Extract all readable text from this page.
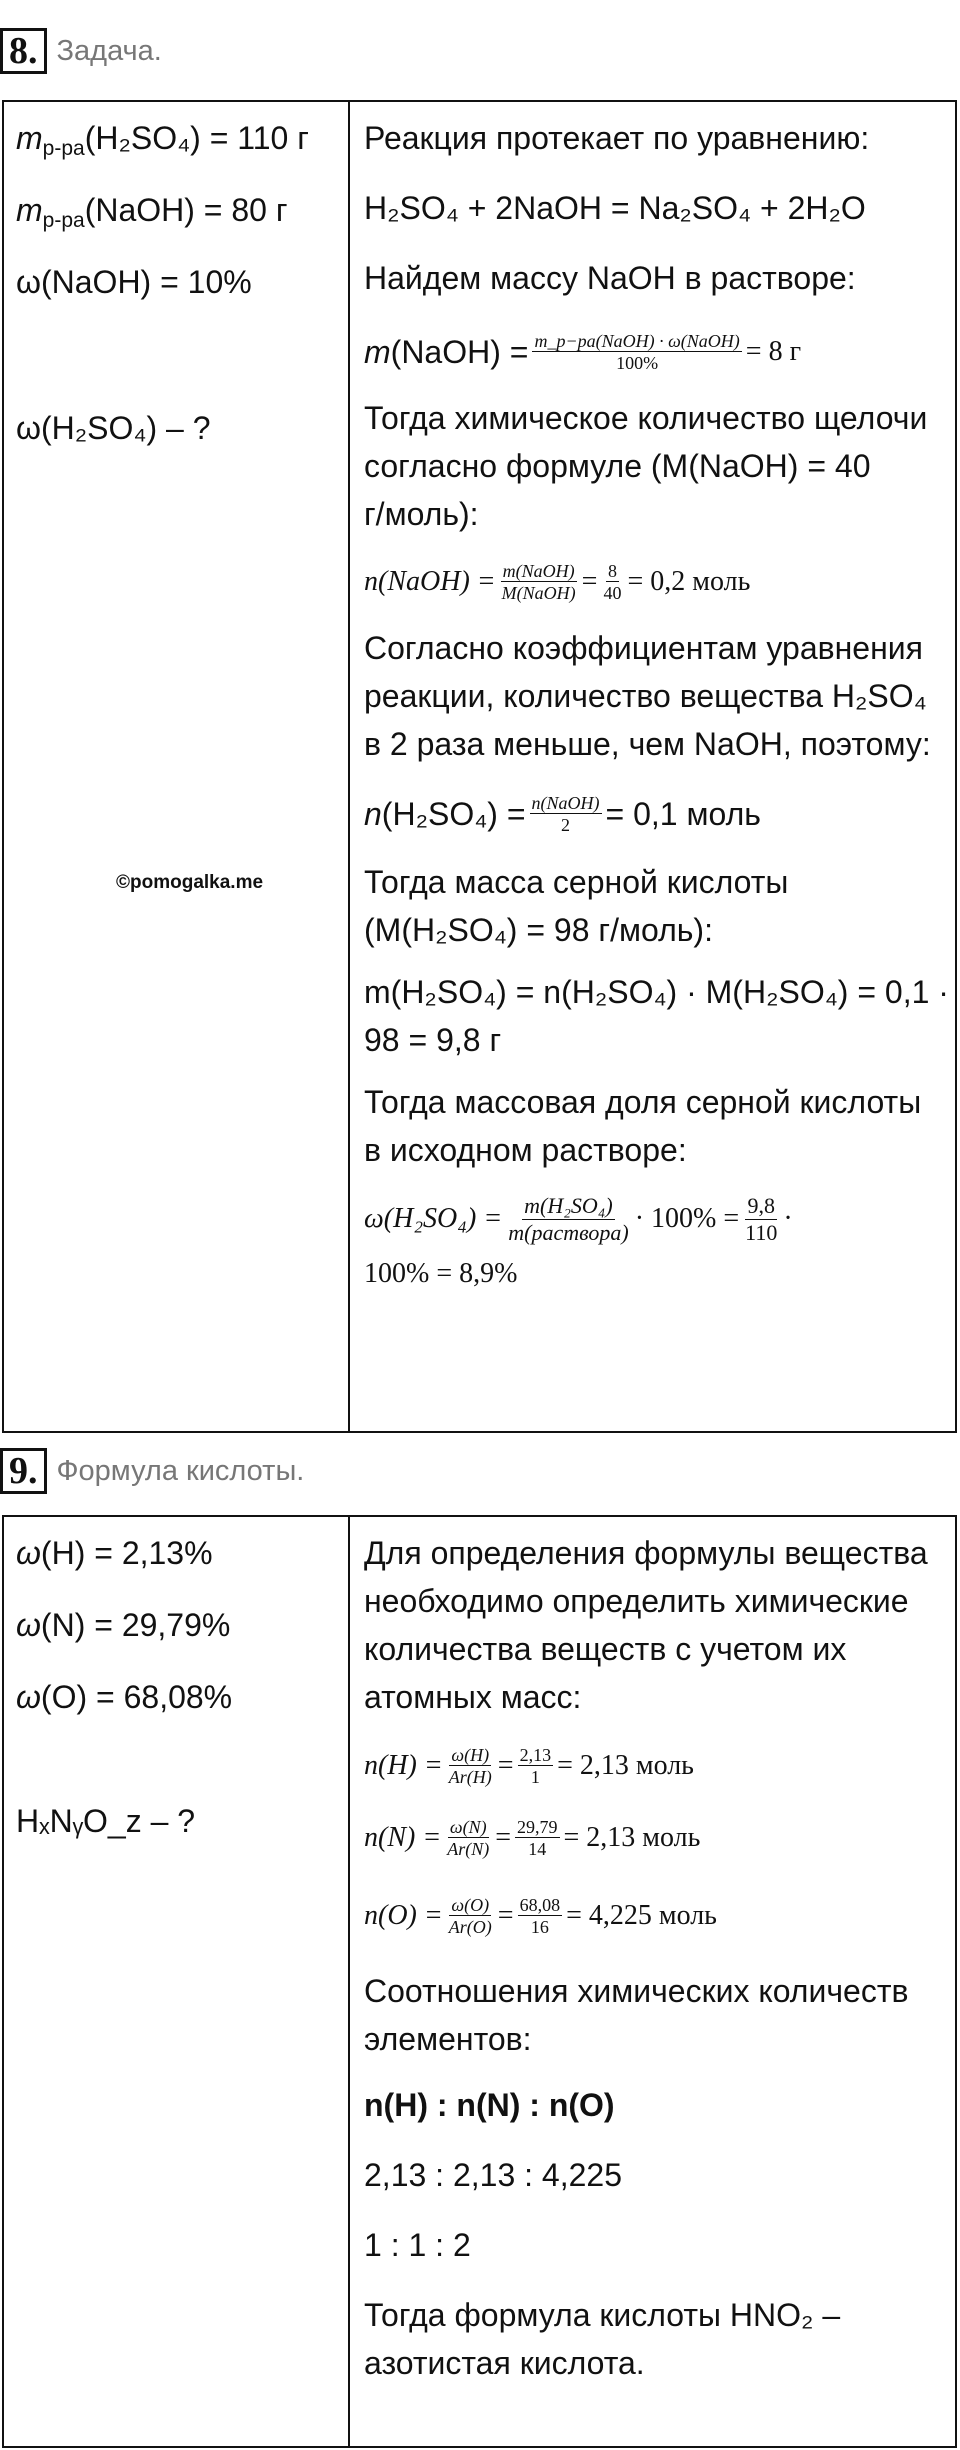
8. Задача.
$m_{р-ра}(H_2SO_4) = 110$ г
$m_{р-ра}(NaOH) = 80$ г
ω(NaOH) = 10%
ω(H₂SO₄) – ?
©pomogalka.me

Реакция протекает по уравнению:
H₂SO₄ + 2NaOH = Na₂SO₄ + 2H₂O
Найдем массу NaOH в растворе:
m (NaOH) = $\frac{\text{m\_р−ра(NaOH) · ω(NaOH)}}{100\%} = 8$ г
Тогда химическое количество щелочи
согласно формуле (M(NaOH) = 40
г/моль):
n(NaOH) = $\frac{\text{m(NaOH)}}{\text{M(NaOH)}} = \frac{8}{40} = 0,2$ моль
Согласно коэффициентам уравнения
реакции, количество вещества H₂SO₄
в 2 раза меньше, чем NaOH, поэтому:
n $(H_2SO_4) = \frac{\text{n(NaOH)}}{2} = 0,1$ моль
Тогда масса серной кислоты
(M(H₂SO₄) = 98 г/моль):
m(H₂SO₄) = n(H₂SO₄) · M(H₂SO₄) = 0,1 ·
98 = 9,8 г
Тогда массовая доля серной кислоты
в исходном растворе:
$\omega(H_2SO_4) = \frac{\text{m(H₂SO₄)}}{\text{m(раствора)}} \cdot 100\% = \frac{9,8}{110}$ ·
100% = 8,9%
9. Формула кислоты.
ω(H) = 2,13%
ω(N) = 29,79%
ω(O) = 68,08%
HₓNᵧO_z – ?

Для определения формулы вещества
необходимо определить химические
количества веществ с учетом их
атомных масс:
$n(H) = \frac{\omega(H)}{Ar(H)} = \frac{2,13}{1} = 2,13$ моль
$n(N) = \frac{\omega(N)}{Ar(N)} = \frac{29,79}{14} = 2,13$ моль
$n(O) = \frac{\omega(O)}{Ar(O)} = \frac{68,08}{16} = 4,225$ моль
Соотношения химических количеств
элементов:
n(H) : n(N) : n(O)
2,13 : 2,13 : 4,225
1 : 1 : 2
Тогда формула кислоты HNO₂ –
азотистая кислота.
